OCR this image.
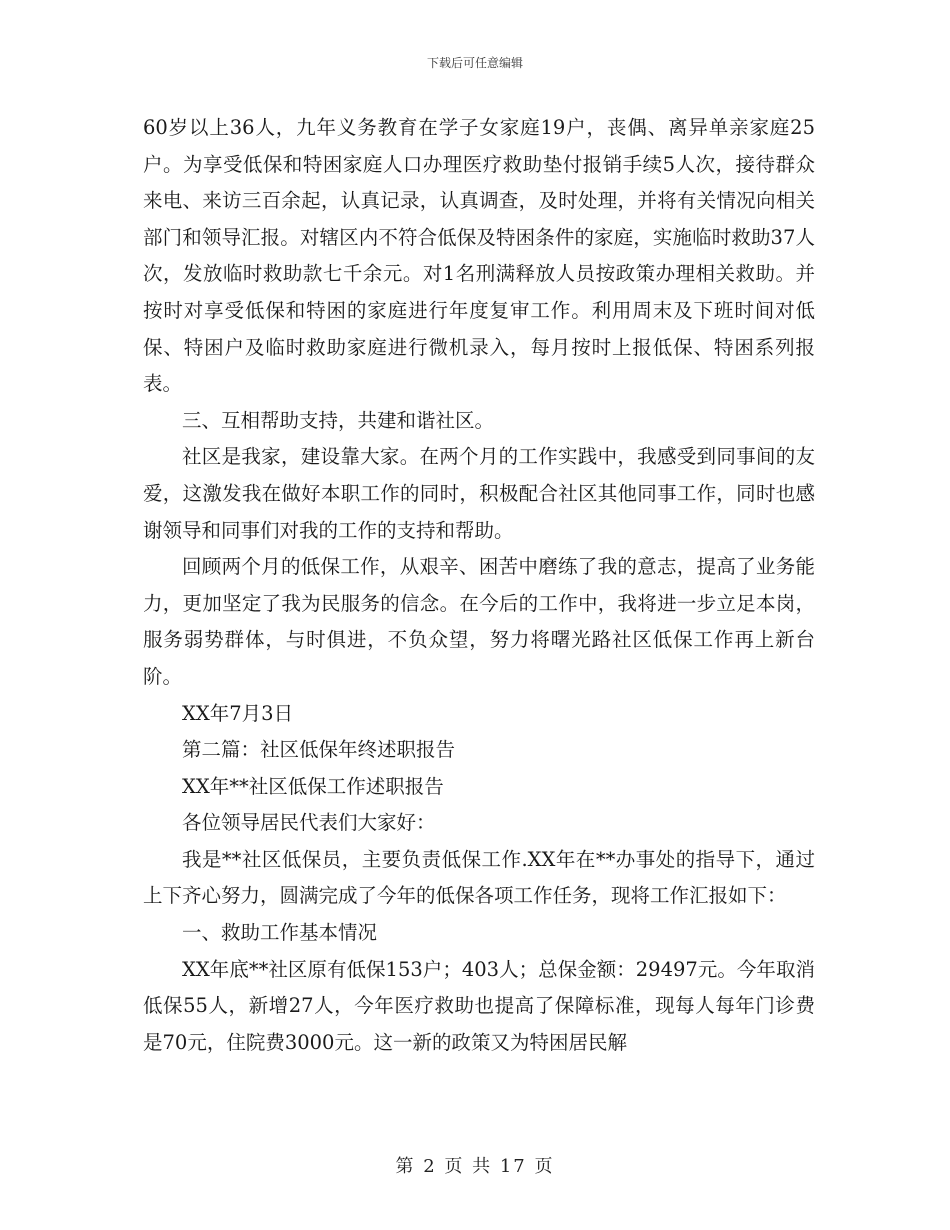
下载后可任意编辑

60岁以上36人，九年义务教育在学子女家庭19户，丧偶、离异单亲家庭25户。为享受低保和特困家庭人口办理医疗救助垫付报销手续5人次，接待群众来电、来访三百余起，认真记录，认真调查，及时处理，并将有关情况向相关部门和领导汇报。对辖区内不符合低保及特困条件的家庭，实施临时救助37人次，发放临时救助款七千余元。对1名刑满释放人员按政策办理相关救助。并按时对享受低保和特困的家庭进行年度复审工作。利用周末及下班时间对低保、特困户及临时救助家庭进行微机录入，每月按时上报低保、特困系列报表。

三、互相帮助支持，共建和谐社区。

社区是我家，建设靠大家。在两个月的工作实践中，我感受到同事间的友爱，这激发我在做好本职工作的同时，积极配合社区其他同事工作，同时也感谢领导和同事们对我的工作的支持和帮助。

回顾两个月的低保工作，从艰辛、困苦中磨练了我的意志，提高了业务能力，更加坚定了我为民服务的信念。在今后的工作中，我将进一步立足本岗，服务弱势群体，与时俱进，不负众望，努力将曙光路社区低保工作再上新台阶。

XX年7月3日

第二篇：社区低保年终述职报告

XX年**社区低保工作述职报告

各位领导居民代表们大家好：

我是**社区低保员，主要负责低保工作.XX年在**办事处的指导下，通过上下齐心努力，圆满完成了今年的低保各项工作任务，现将工作汇报如下：

一、救助工作基本情况

XX年底**社区原有低保153户；403人；总保金额：29497元。今年取消低保55人，新增27人，今年医疗救助也提高了保障标准，现每人每年门诊费是70元，住院费3000元。这一新的政策又为特困居民解

第 2 页 共 17 页
